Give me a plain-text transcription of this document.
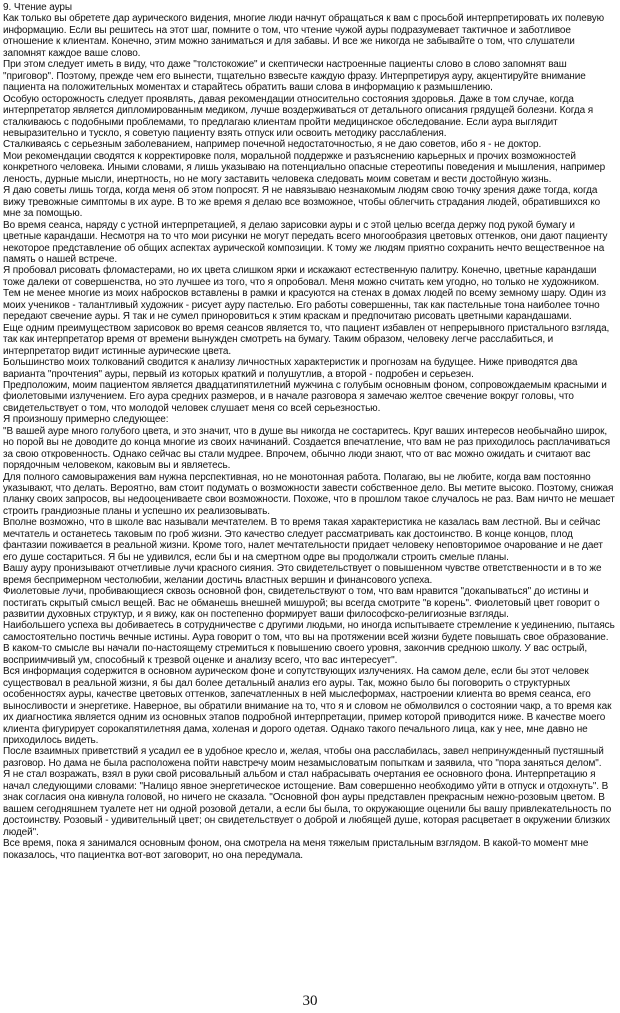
9. Чтение ауры

Как только вы обретете дар аурического видения, многие люди начнут обращаться к вам с просьбой интерпретировать их полевую информацию. Если вы решитесь на этот шаг, помните о том, что чтение чужой ауры подразумевает тактичное и заботливое отношение к клиентам. Конечно, этим можно заниматься и для забавы. И все же никогда не забывайте о том, что слушатели запомнят каждое ваше слово.

При этом следует иметь в виду, что даже "толстокожие" и скептически настроенные пациенты слово в слово запомнят ваш "приговор". Поэтому, прежде чем его вынести, тщательно взвесьте каждую фразу. Интерпретируя ауру, акцентируйте внимание пациента на положительных моментах и старайтесь обратить ваши слова в информацию к размышлению.

Особую осторожность следует проявлять, давая рекомендации относительно состояния здоровья. Даже в том случае, когда интерпретатор является дипломированным медиком, лучше воздерживаться от детального описания грядущей болезни. Когда я сталкиваюсь с подобными проблемами, то предлагаю клиентам пройти медицинское обследование. Если аура выглядит невыразительно и тускло, я советую пациенту взять отпуск или освоить методику расслабления.

Сталкиваясь с серьезным заболеванием, например почечной недостаточностью, я не даю советов, ибо я - не доктор.

Мои рекомендации сводятся к корректировке поля, моральной поддержке и разъяснению карьерных и прочих возможностей конкретного человека. Иными словами, я лишь указываю на потенциально опасные стереотипы поведения и мышления, например леность, дурные мысли, инертность, но не могу заставить человека следовать моим советам и вести достойную жизнь.

Я даю советы лишь тогда, когда меня об этом попросят. Я не навязываю незнакомым людям свою точку зрения даже тогда, когда вижу тревожные симптомы в их ауре. В то же время я делаю все возможное, чтобы облегчить страдания людей, обратившихся ко мне за помощью.

Во время сеанса, наряду с устной интерпретацией, я делаю зарисовки ауры и с этой целью всегда держу под рукой бумагу и цветные карандаши. Несмотря на то что мои рисунки не могут передать всего многообразия цветовых оттенков, они дают пациенту некоторое представление об общих аспектах аурической композиции. К тому же людям приятно сохранить нечто вещественное на память о нашей встрече.

Я пробовал рисовать фломастерами, но их цвета слишком ярки и искажают естественную палитру. Конечно, цветные карандаши тоже далеки от совершенства, но это лучшее из того, что я опробовал. Меня можно считать кем угодно, но только не художником. Тем не менее многие из моих набросков вставлены в рамки и красуются на стенах в домах людей по всему земному шару. Один из моих учеников - талантливый художник - рисует ауру пастелью. Его работы совершенны, так как пастельные тона наиболее точно передают свечение ауры. Я так и не сумел приноровиться к этим краскам и предпочитаю рисовать цветными карандашами.

Еще одним преимуществом зарисовок во время сеансов является то, что пациент избавлен от непрерывного пристального взгляда, так как интерпретатор время от времени вынужден смотреть на бумагу. Таким образом, человеку легче расслабиться, и интерпретатор видит истинные аурические цвета.

Большинство моих толкований сводится к анализу личностных характеристик и прогнозам на будущее. Ниже приводятся два варианта "прочтения" ауры, первый из которых краткий и полушутлив, а второй - подробен и серьезен.

Предположим, моим пациентом является двадцатипятилетний мужчина с голубым основным фоном, сопровождаемым красными и фиолетовыми излучением. Его аура средних размеров, и в начале разговора я замечаю желтое свечение вокруг головы, что свидетельствует о том, что молодой человек слушает меня со всей серьезностью.

Я произношу примерно следующее:

"В вашей ауре много голубого цвета, и это значит, что в душе вы никогда не состаритесь. Круг ваших интересов необычайно широк, но порой вы не доводите до конца многие из своих начинаний. Создается впечатление, что вам не раз приходилось расплачиваться за свою откровенность. Однако сейчас вы стали мудрее. Впрочем, обычно люди знают, что от вас можно ожидать и считают вас порядочным человеком, каковым вы и являетесь.

Для полного самовыражения вам нужна перспективная, но не монотонная работа. Полагаю, вы не любите, когда вам постоянно указывают, что делать. Вероятно, вам стоит подумать о возможности завести собственное дело. Вы метите высоко. Поэтому, снижая планку своих запросов, вы недооцениваете свои возможности. Похоже, что в прошлом такое случалось не раз. Вам ничто не мешает строить грандиозные планы и успешно их реализовывать.

Вполне возможно, что в школе вас называли мечтателем. В то время такая характеристика не казалась вам лестной. Вы и сейчас мечтатель и останетесь таковым по гроб жизни. Это качество следует рассматривать как достоинство. В конце концов, плод фантазии поживается в реальной жизни. Кроме того, налет мечтательности придает человеку неповторимое очарование и не дает его душе состариться. Я бы не удивился, если бы и на смертном одре вы продолжали строить смелые планы.

Вашу ауру пронизывают отчетливые лучи красного сияния. Это свидетельствует о повышенном чувстве ответственности и в то же время беспримерном честолюбии, желании достичь властных вершин и финансового успеха.

Фиолетовые лучи, пробивающиеся сквозь основной фон, свидетельствуют о том, что вам нравится "докапываться" до истины и постигать скрытый смысл вещей. Вас не обманешь внешней мишурой; вы всегда смотрите "в корень". Фиолетовый цвет говорит о развитии духовных структур, и я вижу, как он постепенно формирует ваши философско-религиозные взгляды.

Наибольшего успеха вы добиваетесь в сотрудничестве с другими людьми, но иногда испытываете стремление к уединению, пытаясь самостоятельно постичь вечные истины. Аура говорит о том, что вы на протяжении всей жизни будете повышать свое образование. В каком-то смысле вы начали по-настоящему стремиться к повышению своего уровня, закончив среднюю школу. У вас острый, восприимчивый ум, способный к трезвой оценке и анализу всего, что вас интересует".

Вся информация содержится в основном аурическом фоне и сопутствующих излучениях. На самом деле, если бы этот человек существовал в реальной жизни, я бы дал более детальный анализ его ауры. Так, можно было бы поговорить о структурных особенностях ауры, качестве цветовых оттенков, запечатленных в ней мыслеформах, настроении клиента во время сеанса, его выносливости и энергетике. Наверное, вы обратили внимание на то, что я и словом не обмолвился о состоянии чакр, а то время как их диагностика является одним из основных этапов подробной интерпретации, пример которой приводится ниже. В качестве моего клиента фигурирует сорокапятилетняя дама, холеная и дорого одетая. Однако такого печального лица, как у нее, мне давно не приходилось видеть.

После взаимных приветствий я усадил ее в удобное кресло и, желая, чтобы она расслабилась, завел непринужденный пустяшный разговор. Но дама не была расположена пойти навстречу моим незамысловатым попыткам и заявила, что "пора заняться делом".

Я не стал возражать, взял в руки свой рисовальный альбом и стал набрасывать очертания ее основного фона. Интерпретацию я начал следующими словами: "Налицо явное энергетическое истощение. Вам совершенно необходимо уйти в отпуск и отдохнуть". В знак согласия она кивнула головой, но ничего не сказала. "Основной фон ауры представлен прекрасным нежно-розовым цветом. В вашем сегодняшнем туалете нет ни одной розовой детали, а если бы была, то окружающие оценили бы вашу привлекательность по достоинству. Розовый - удивительный цвет; он свидетельствует о доброй и любящей душе, которая расцветает в окружении близких людей".

Все время, пока я занимался основным фоном, она смотрела на меня тяжелым пристальным взглядом. В какой-то момент мне показалось, что пациентка вот-вот заговорит, но она передумала.

30
